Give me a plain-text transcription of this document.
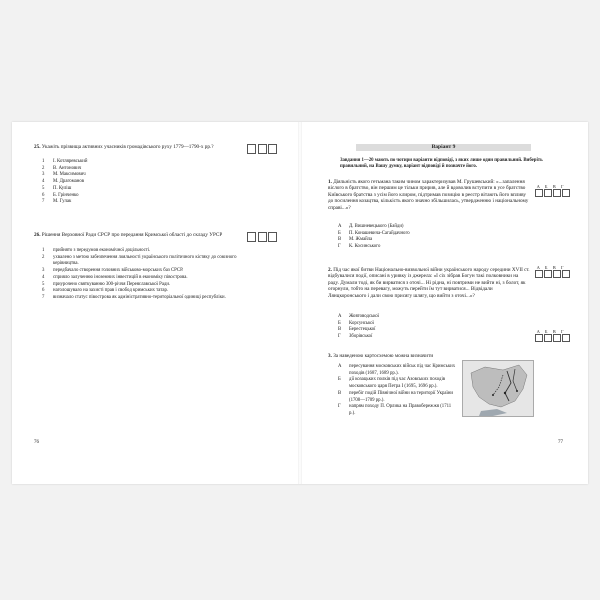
25. Укажіть прізвища активних учасників громадівського руху 1779—1790-х рр.?
1	І. Котляревський
2	В. Антонович
3	М. Максимович
4	М. Драгоманов
5	П. Куліш
6	Б. Грінченко
7	М. Гулак
26. Рішення Верховної Ради СРСР про передання Кримської області до складу УРСР
1	прийнято з передумов економічної доцільності.
2	ухвалено з метою забезпечення лояльності українського політичного кістяку до союзного керівництва.
3	передбачало створення головних військово-морських баз СРСР.
4	сприяло залученню іноземних інвестицій в економіку півострова.
5	приурочено святкуванню 300-річчя Переяславської Ради.
6	наголошувало на захисті прав і свобод кримських татар.
7	визначало статус півострова як адміністративно-територіальної одиниці республіки.
76
Варіант 9
Завдання 1—20 мають по чотири варіанти відповіді, з яких лише один правильний. Виберіть правильний, на Вашу думку, варіант відповіді й позначте його.
1. Діяльність якого гетьмана таким чином характеризував М. Грушевський: «...запалення віслого в братство, він першим це тільки пририв, але й вдоволив вступити в усе братство Київського братства з усім його клиром, підтримав позицію в реєстр вітають його впливу до посилення козацтва, кількість якого значно збільшилась, утвердженню і національному справі...»?
А	Б	В	Г
А	Д. Вишневецького (Байди)
Б	П. Конашевича-Сагайдачного
В	М. Жмайла
Г	К. Косинського
2. Під час якої битви Національно-визвольної війни українського народу середини XVII ст. відбувалися події, описані в уривку із джерела: «І сіх зібрав Богун такі полковники на раду. Думали тоді, як би вирватися з оточі... Ні рідна, ні повтрими не вийти ні, з болот, як огорнули, тобто на перевагу, можуть перейти їм тут вирватися... Відвідали Лянцкоронського і дали свою присягу шлягу, що вийти з оточі...»?
А	Б	В	Г
А	Жовтоводської
Б	Корсунської
В	Берестецької
Г	Зборівської
3. За наведеною картосхемою можна визначити
А	Б	В	Г
А	пересування московських військ під час Кримських походів (1687, 1689 рр.).
Б	дії козацьких полків під час Азовських походів московського царя Петра І (1695, 1696 рр.).
В	перебіг подій Північної війни на території України (1708—1709 рр.).
Г	напрям походу П. Орлика на Правобережжя (1711 р.).
77
